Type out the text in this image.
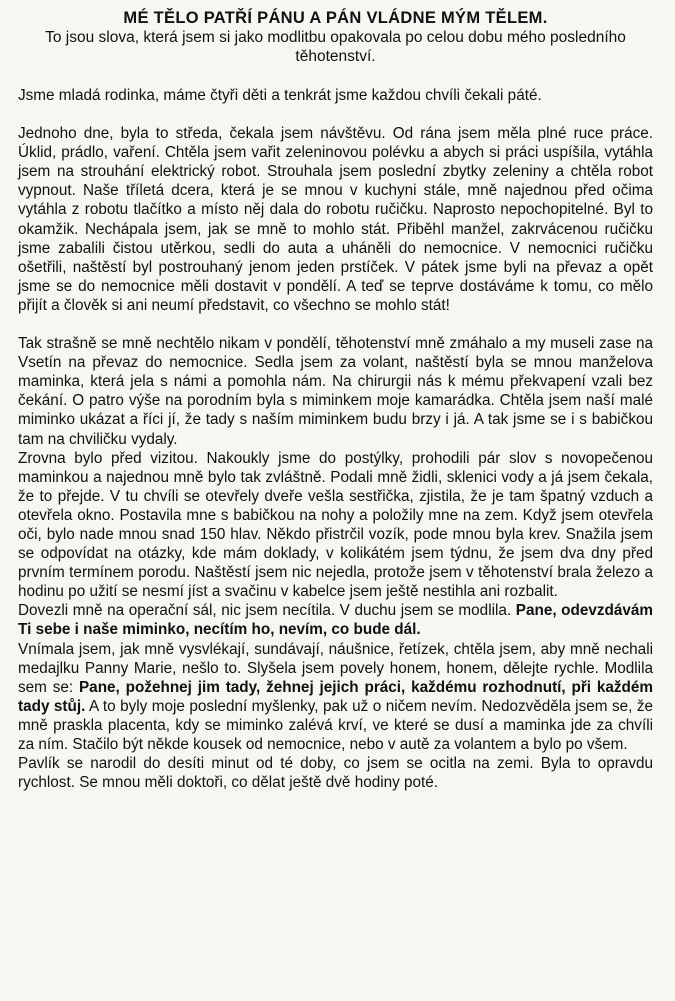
MÉ TĚLO PATŘÍ PÁNU A PÁN VLÁDNE MÝM TĚLEM.

To jsou slova, která jsem si jako modlitbu opakovala po celou dobu mého posledního těhotenství.

Jsme mladá rodinka, máme čtyři děti a tenkrát jsme každou chvíli čekali páté.

Jednoho dne, byla to středa, čekala jsem návštěvu. Od rána jsem měla plné ruce práce. Úklid, prádlo, vaření. Chtěla jsem vařit zeleninovou polévku a abych si práci uspíšila, vytáhla jsem na strouhání elektrický robot. Strouhala jsem poslední zbytky zeleniny a chtěla robot vypnout. Naše tříletá dcera, která je se mnou v kuchyni stále, mně najednou před očima vytáhla z robotu tlačítko a místo něj dala do robotu ručičku. Naprosto nepochopitelné. Byl to okamžik. Nechápala jsem, jak se mně to mohlo stát. Přiběhl manžel, zakrvácenou ručičku jsme zabalili čistou utěrkou, sedli do auta a uháněli do nemocnice. V nemocnici ručičku ošetřili, naštěstí byl postrouhaný jenom jeden prstíček. V pátek jsme byli na převaz a opět jsme se do nemocnice měli dostavit v pondělí. A teď se teprve dostáváme k tomu, co mělo přijít a člověk si ani neumí představit, co všechno se mohlo stát!

Tak strašně se mně nechtělo nikam v pondělí, těhotenství mně zmáhalo a my museli zase na Vsetín na převaz do nemocnice. Sedla jsem za volant, naštěstí byla se mnou manželova maminka, která jela s námi a pomohla nám. Na chirurgii nás k mému překvapení vzali bez čekání. O patro výše na porodním byla s miminkem moje kamarádka. Chtěla jsem naší malé miminko ukázat a říci jí, že tady s naším miminkem budu brzy i já. A tak jsme se i s babičkou tam na chviličku vydaly.

Zrovna bylo před vizitou. Nakoukly jsme do postýlky, prohodili pár slov s novopečenou maminkou a najednou mně bylo tak zvláštně. Podali mně židli, sklenici vody a já jsem čekala, že to přejde. V tu chvíli se otevřely dveře vešla sestřička, zjistila, že je tam špatný vzduch a otevřela okno. Postavila mne s babičkou na nohy a položily mne na zem. Když jsem otevřela oči, bylo nade mnou snad 150 hlav. Někdo přistrčil vozík, pode mnou byla krev. Snažila jsem se odpovídat na otázky, kde mám doklady, v kolikátém jsem týdnu, že jsem dva dny před prvním termínem porodu. Naštěstí jsem nic nejedla, protože jsem v těhotenství brala železo a hodinu po užití se nesmí jíst a svačinu v kabelce jsem ještě nestihla ani rozbalit.

Dovezli mně na operační sál, nic jsem necítila. V duchu jsem se modlila. Pane, odevzdávám Ti sebe i naše miminko, necítím ho, nevím, co bude dál.

Vnímala jsem, jak mně vysvlékají, sundávají, náušnice, řetízek, chtěla jsem, aby mně nechali medajlku Panny Marie, nešlo to. Slyšela jsem povely honem, honem, dělejte rychle. Modlila sem se: Pane, požehnej jim tady, žehnej jejich práci, každému rozhodnutí, při každém tady stůj. A to byly moje poslední myšlenky, pak už o ničem nevím. Nedozvěděla jsem se, že mně praskla placenta, kdy se miminko zalévá krví, ve které se dusí a maminka jde za chvíli za ním. Stačilo být někde kousek od nemocnice, nebo v autě za volantem a bylo po všem.

Pavlík se narodil do desíti minut od té doby, co jsem se ocitla na zemi. Byla to opravdu rychlost. Se mnou měli doktoři, co dělat ještě dvě hodiny poté.
